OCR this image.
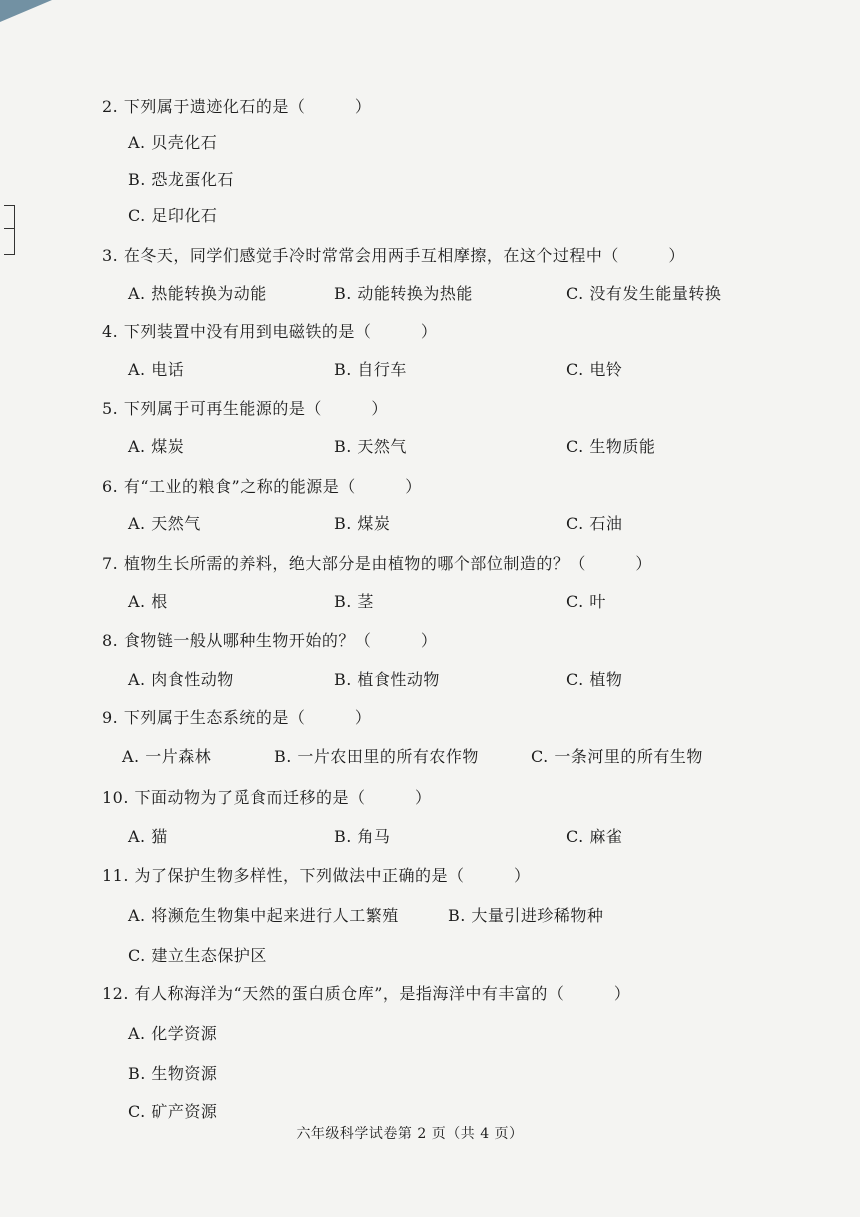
2. 下列属于遗迹化石的是（　　　）
A. 贝壳化石
B. 恐龙蛋化石
C. 足印化石
3. 在冬天，同学们感觉手冷时常常会用两手互相摩擦，在这个过程中（　　　）
A. 热能转换为动能	B. 动能转换为热能	C. 没有发生能量转换
4. 下列装置中没有用到电磁铁的是（　　　）
A. 电话	B. 自行车	C. 电铃
5. 下列属于可再生能源的是（　　　）
A. 煤炭	B. 天然气	C. 生物质能
6. 有“工业的粮食”之称的能源是（　　　）
A. 天然气	B. 煤炭	C. 石油
7. 植物生长所需的养料，绝大部分是由植物的哪个部位制造的？（　　　）
A. 根	B. 茎	C. 叶
8. 食物链一般从哪种生物开始的？（　　　）
A. 肉食性动物	B. 植食性动物	C. 植物
9. 下列属于生态系统的是（　　　）
A. 一片森林	B. 一片农田里的所有农作物	C. 一条河里的所有生物
10. 下面动物为了觅食而迁移的是（　　　）
A. 猫	B. 角马	C. 麻雀
11. 为了保护生物多样性，下列做法中正确的是（　　　）
A. 将濒危生物集中起来进行人工繁殖	B. 大量引进珍稀物种
C. 建立生态保护区
12. 有人称海洋为“天然的蛋白质仓库”，是指海洋中有丰富的（　　　）
A. 化学资源
B. 生物资源
C. 矿产资源
六年级科学试卷第 2 页（共 4 页）
